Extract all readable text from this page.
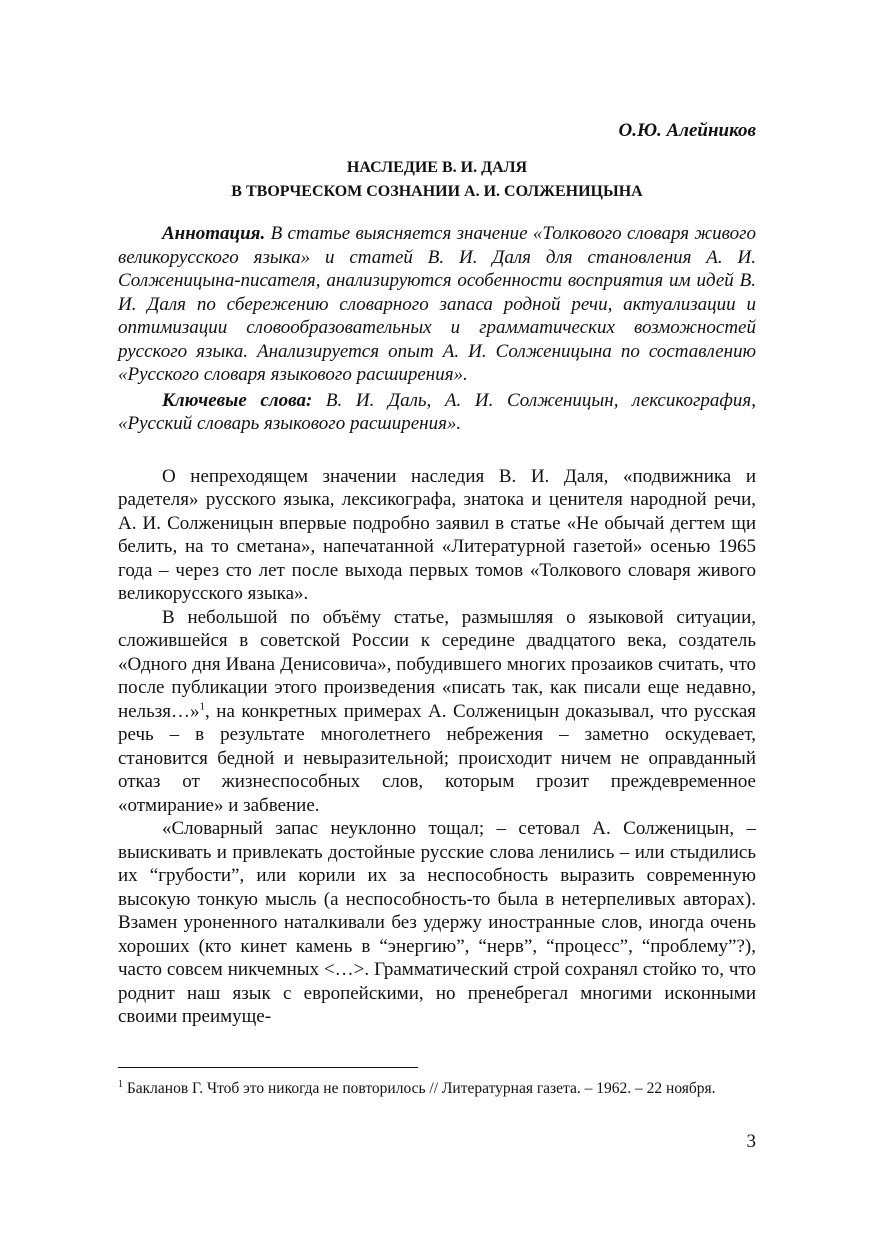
О.Ю. Алейников

НАСЛЕДИЕ В. И. ДАЛЯ
В ТВОРЧЕСКОМ СОЗНАНИИ А. И. СОЛЖЕНИЦЫНА

Аннотация. В статье выясняется значение «Толкового словаря живого великорусского языка» и статей В. И. Даля для становления А. И. Солженицына-писателя, анализируются особенности восприятия им идей В. И. Даля по сбережению словарного запаса родной речи, актуализации и оптимизации словообразовательных и грамматических возможностей русского языка. Анализируется опыт А. И. Солженицына по составлению «Русского словаря языкового расширения».

Ключевые слова: В. И. Даль, А. И. Солженицын, лексикография, «Русский словарь языкового расширения».

О непреходящем значении наследия В. И. Даля, «подвижника и радетеля» русского языка, лексикографа, знатока и ценителя народной речи, А. И. Солженицын впервые подробно заявил в статье «Не обычай дегтем щи белить, на то сметана», напечатанной «Литературной газетой» осенью 1965 года – через сто лет после выхода первых томов «Толкового словаря живого великорусского языка».

В небольшой по объёму статье, размышляя о языковой ситуации, сложившейся в советской России к середине двадцатого века, создатель «Одного дня Ивана Денисовича», побудившего многих прозаиков считать, что после публикации этого произведения «писать так, как писали еще недавно, нельзя…»$^1$, на конкретных примерах А. Солженицын доказывал, что русская речь – в результате многолетнего небрежения – заметно оскудевает, становится бедной и невыразительной; происходит ничем не оправданный отказ от жизнеспособных слов, которым грозит преждевременное «отмирание» и забвение.

«Словарный запас неуклонно тощал; – сетовал А. Солженицын, – выискивать и привлекать достойные русские слова ленились – или стыдились их “грубости”, или корили их за неспособность выразить современную высокую тонкую мысль (а неспособность-то была в нетерпеливых авторах). Взамен уроненного наталкивали без удержу иностранные слов, иногда очень хороших (кто кинет камень в “энергию”, “нерв”, “процесс”, “проблему”?), часто совсем никчемных <…>. Грамматический строй сохранял стойко то, что роднит наш язык с европейскими, но пренебрегал многими исконными своими преимуще-

$^1$ Бакланов Г. Чтоб это никогда не повторилось // Литературная газета. – 1962. – 22 ноября.

3
